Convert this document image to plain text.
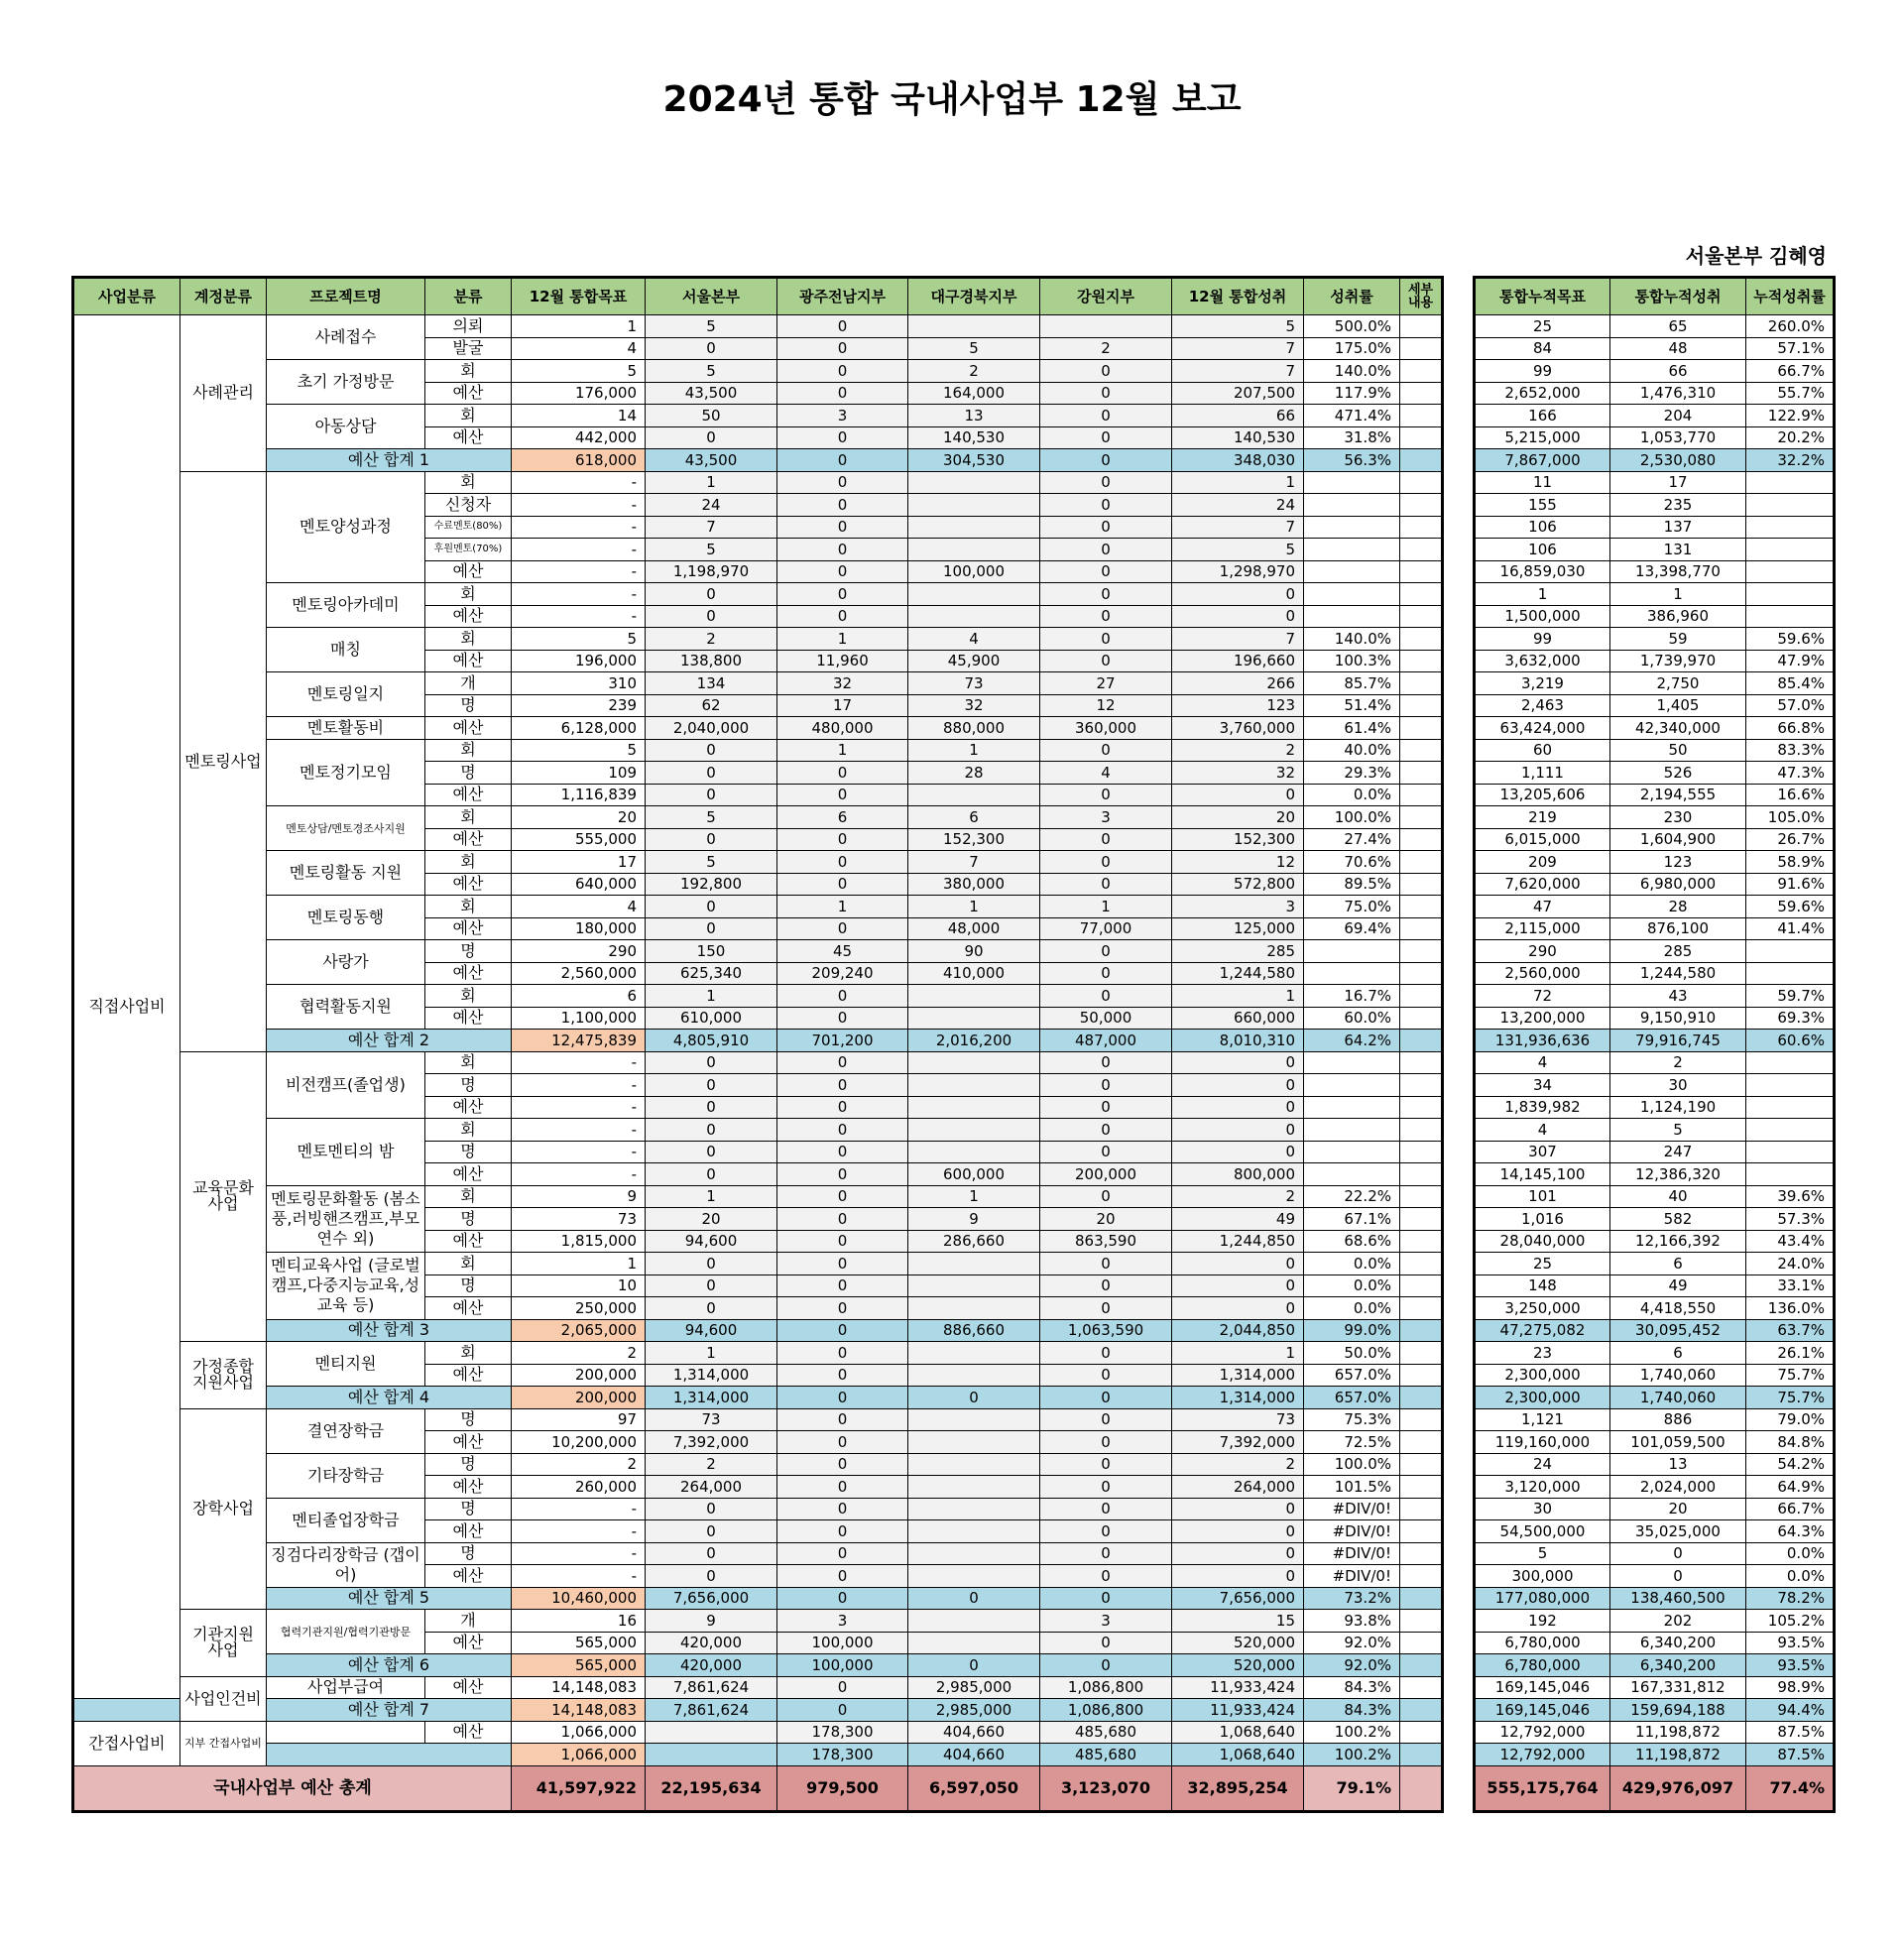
2024년 통합 국내사업부 12월 보고
서울본부 김혜영
사업분류	계정분류	프로젝트명	분류	12월 통합목표	서울본부	광주전남지부	대구경북지부	강원지부	12월 통합성취	성취률	세부 내용
직접사업비	사례관리	사례접수	의뢰	1	5	0			5	500.0%	
			발굴	4	0	0	5	2	7	175.0%	
		초기 가정방문	회	5	5	0	2	0	7	140.0%	
			예산	176,000	43,500	0	164,000	0	207,500	117.9%	
		아동상담	회	14	50	3	13	0	66	471.4%	
			예산	442,000	0	0	140,530	0	140,530	31.8%	
		예산 합계 1		618,000	43,500	0	304,530	0	348,030	56.3%	
	멘토링사업	멘토양성과정	회	-	1	0		0	1		
			신청자	-	24	0		0	24		
			수료멘토(80%)	-	7	0		0	7		
			후원멘토(70%)	-	5	0		0	5		
			예산	-	1,198,970	0	100,000	0	1,298,970		
		멘토링아카데미	회	-	0	0		0	0		
			예산	-	0	0		0	0		
		매칭	회	5	2	1	4	0	7	140.0%	
			예산	196,000	138,800	11,960	45,900	0	196,660	100.3%	
		멘토링일지	개	310	134	32	73	27	266	85.7%	
			명	239	62	17	32	12	123	51.4%	
		멘토활동비	예산	6,128,000	2,040,000	480,000	880,000	360,000	3,760,000	61.4%	
		멘토정기모임	회	5	0	1	1	0	2	40.0%	
			명	109	0	0	28	4	32	29.3%	
			예산	1,116,839	0	0		0	0	0.0%	
		멘토상담/멘토경조사지원	회	20	5	6	6	3	20	100.0%	
			예산	555,000	0	0	152,300	0	152,300	27.4%	
		멘토링활동 지원	회	17	5	0	7	0	12	70.6%	
			예산	640,000	192,800	0	380,000	0	572,800	89.5%	
		멘토링동행	회	4	0	1	1	1	3	75.0%	
			예산	180,000	0	0	48,000	77,000	125,000	69.4%	
		사랑가	명	290	150	45	90	0	285		
			예산	2,560,000	625,340	209,240	410,000	0	1,244,580		
		협력활동지원	회	6	1	0		0	1	16.7%	
			예산	1,100,000	610,000	0		50,000	660,000	60.0%	
		예산 합계 2		12,475,839	4,805,910	701,200	2,016,200	487,000	8,010,310	64.2%	
	교육문화 사업	비전캠프(졸업생)	회	-	0	0		0	0		
			명	-	0	0		0	0		
			예산	-	0	0		0	0		
		멘토멘티의 밤	회	-	0	0		0	0		
			명	-	0	0		0	0		
			예산	-	0	0	600,000	200,000	800,000		
		멘토링문화활동 (봄소풍,러빙핸즈캠프,부모연수 외)	회	9	1	0	1	0	2	22.2%	
			명	73	20	0	9	20	49	67.1%	
			예산	1,815,000	94,600	0	286,660	863,590	1,244,850	68.6%	
		멘티교육사업 (글로벌캠프,다중지능교육,성교육 등)	회	1	0	0		0	0	0.0%	
			명	10	0	0		0	0	0.0%	
			예산	250,000	0	0		0	0	0.0%	
		예산 합계 3		2,065,000	94,600	0	886,660	1,063,590	2,044,850	99.0%	
	가정종합 지원사업	멘티지원	회	2	1	0		0	1	50.0%	
			예산	200,000	1,314,000	0		0	1,314,000	657.0%	
		예산 합계 4		200,000	1,314,000	0	0	0	1,314,000	657.0%	
	장학사업	결연장학금	명	97	73	0		0	73	75.3%	
			예산	10,200,000	7,392,000	0		0	7,392,000	72.5%	
		기타장학금	명	2	2	0		0	2	100.0%	
			예산	260,000	264,000	0		0	264,000	101.5%	
		멘티졸업장학금	명	-	0	0		0	0	#DIV/0!	
			예산	-	0	0		0	0	#DIV/0!	
		징검다리장학금 (갭이어)	명	-	0	0		0	0	#DIV/0!	
			예산	-	0	0		0	0	#DIV/0!	
		예산 합계 5		10,460,000	7,656,000	0	0	0	7,656,000	73.2%	
	기관지원 사업	협력기관지원/협력기관방문	개	16	9	3		3	15	93.8%	
			예산	565,000	420,000	100,000		0	520,000	92.0%	
		예산 합계 6		565,000	420,000	100,000	0	0	520,000	92.0%	
	사업인건비	사업부급여	예산	14,148,083	7,861,624	0	2,985,000	1,086,800	11,933,424	84.3%	
		예산 합계 7		14,148,083	7,861,624	0	2,985,000	1,086,800	11,933,424	84.3%	
간접사업비	지부 간접사업비		예산	1,066,000		178,300	404,660	485,680	1,068,640	100.2%	
				1,066,000		178,300	404,660	485,680	1,068,640	100.2%	
국내사업부 예산 총계				41,597,922	22,195,634	979,500	6,597,050	3,123,070	32,895,254	79.1%	
통합누적목표	통합누적성취	누적성취률
25	65	260.0%
84	48	57.1%
99	66	66.7%
2,652,000	1,476,310	55.7%
166	204	122.9%
5,215,000	1,053,770	20.2%
7,867,000	2,530,080	32.2%
11	17	
155	235	
106	137	
106	131	
16,859,030	13,398,770	
1	1	
1,500,000	386,960	
99	59	59.6%
3,632,000	1,739,970	47.9%
3,219	2,750	85.4%
2,463	1,405	57.0%
63,424,000	42,340,000	66.8%
60	50	83.3%
1,111	526	47.3%
13,205,606	2,194,555	16.6%
219	230	105.0%
6,015,000	1,604,900	26.7%
209	123	58.9%
7,620,000	6,980,000	91.6%
47	28	59.6%
2,115,000	876,100	41.4%
290	285	
2,560,000	1,244,580	
72	43	59.7%
13,200,000	9,150,910	69.3%
131,936,636	79,916,745	60.6%
4	2	
34	30	
1,839,982	1,124,190	
4	5	
307	247	
14,145,100	12,386,320	
101	40	39.6%
1,016	582	57.3%
28,040,000	12,166,392	43.4%
25	6	24.0%
148	49	33.1%
3,250,000	4,418,550	136.0%
47,275,082	30,095,452	63.7%
23	6	26.1%
2,300,000	1,740,060	75.7%
2,300,000	1,740,060	75.7%
1,121	886	79.0%
119,160,000	101,059,500	84.8%
24	13	54.2%
3,120,000	2,024,000	64.9%
30	20	66.7%
54,500,000	35,025,000	64.3%
5	0	0.0%
300,000	0	0.0%
177,080,000	138,460,500	78.2%
192	202	105.2%
6,780,000	6,340,200	93.5%
6,780,000	6,340,200	93.5%
169,145,046	167,331,812	98.9%
169,145,046	159,694,188	94.4%
12,792,000	11,198,872	87.5%
12,792,000	11,198,872	87.5%
555,175,764	429,976,097	77.4%
